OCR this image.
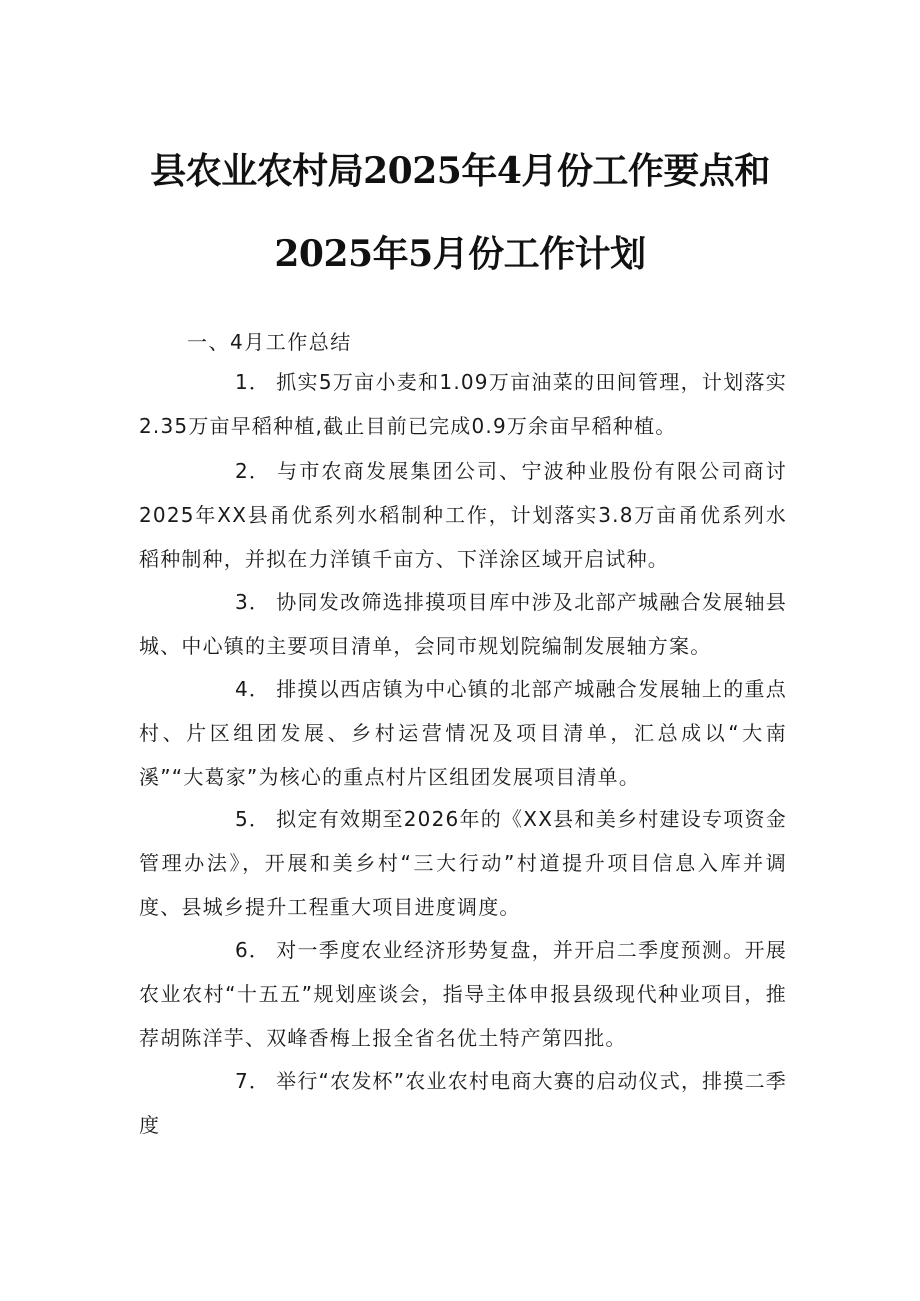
县农业农村局2025年4月份工作要点和
2025年5月份工作计划
一、4月工作总结

1． 抓实5万亩小麦和1.09万亩油菜的田间管理，计划落实2.35万亩早稻种植,截止目前已完成0.9万余亩早稻种植。

2． 与市农商发展集团公司、宁波种业股份有限公司商讨2025年XX县甬优系列水稻制种工作，计划落实3.8万亩甬优系列水稻种制种，并拟在力洋镇千亩方、下洋涂区域开启试种。

3． 协同发改筛选排摸项目库中涉及北部产城融合发展轴县城、中心镇的主要项目清单，会同市规划院编制发展轴方案。

4． 排摸以西店镇为中心镇的北部产城融合发展轴上的重点村、片区组团发展、乡村运营情况及项目清单，汇总成以“大南溪”“大葛家”为核心的重点村片区组团发展项目清单。

5． 拟定有效期至2026年的《XX县和美乡村建设专项资金管理办法》，开展和美乡村“三大行动”村道提升项目信息入库并调度、县城乡提升工程重大项目进度调度。

6． 对一季度农业经济形势复盘，并开启二季度预测。开展农业农村“十五五”规划座谈会，指导主体申报县级现代种业项目，推荐胡陈洋芋、双峰香梅上报全省名优土特产第四批。

7． 举行“农发杯”农业农村电商大赛的启动仪式，排摸二季度
